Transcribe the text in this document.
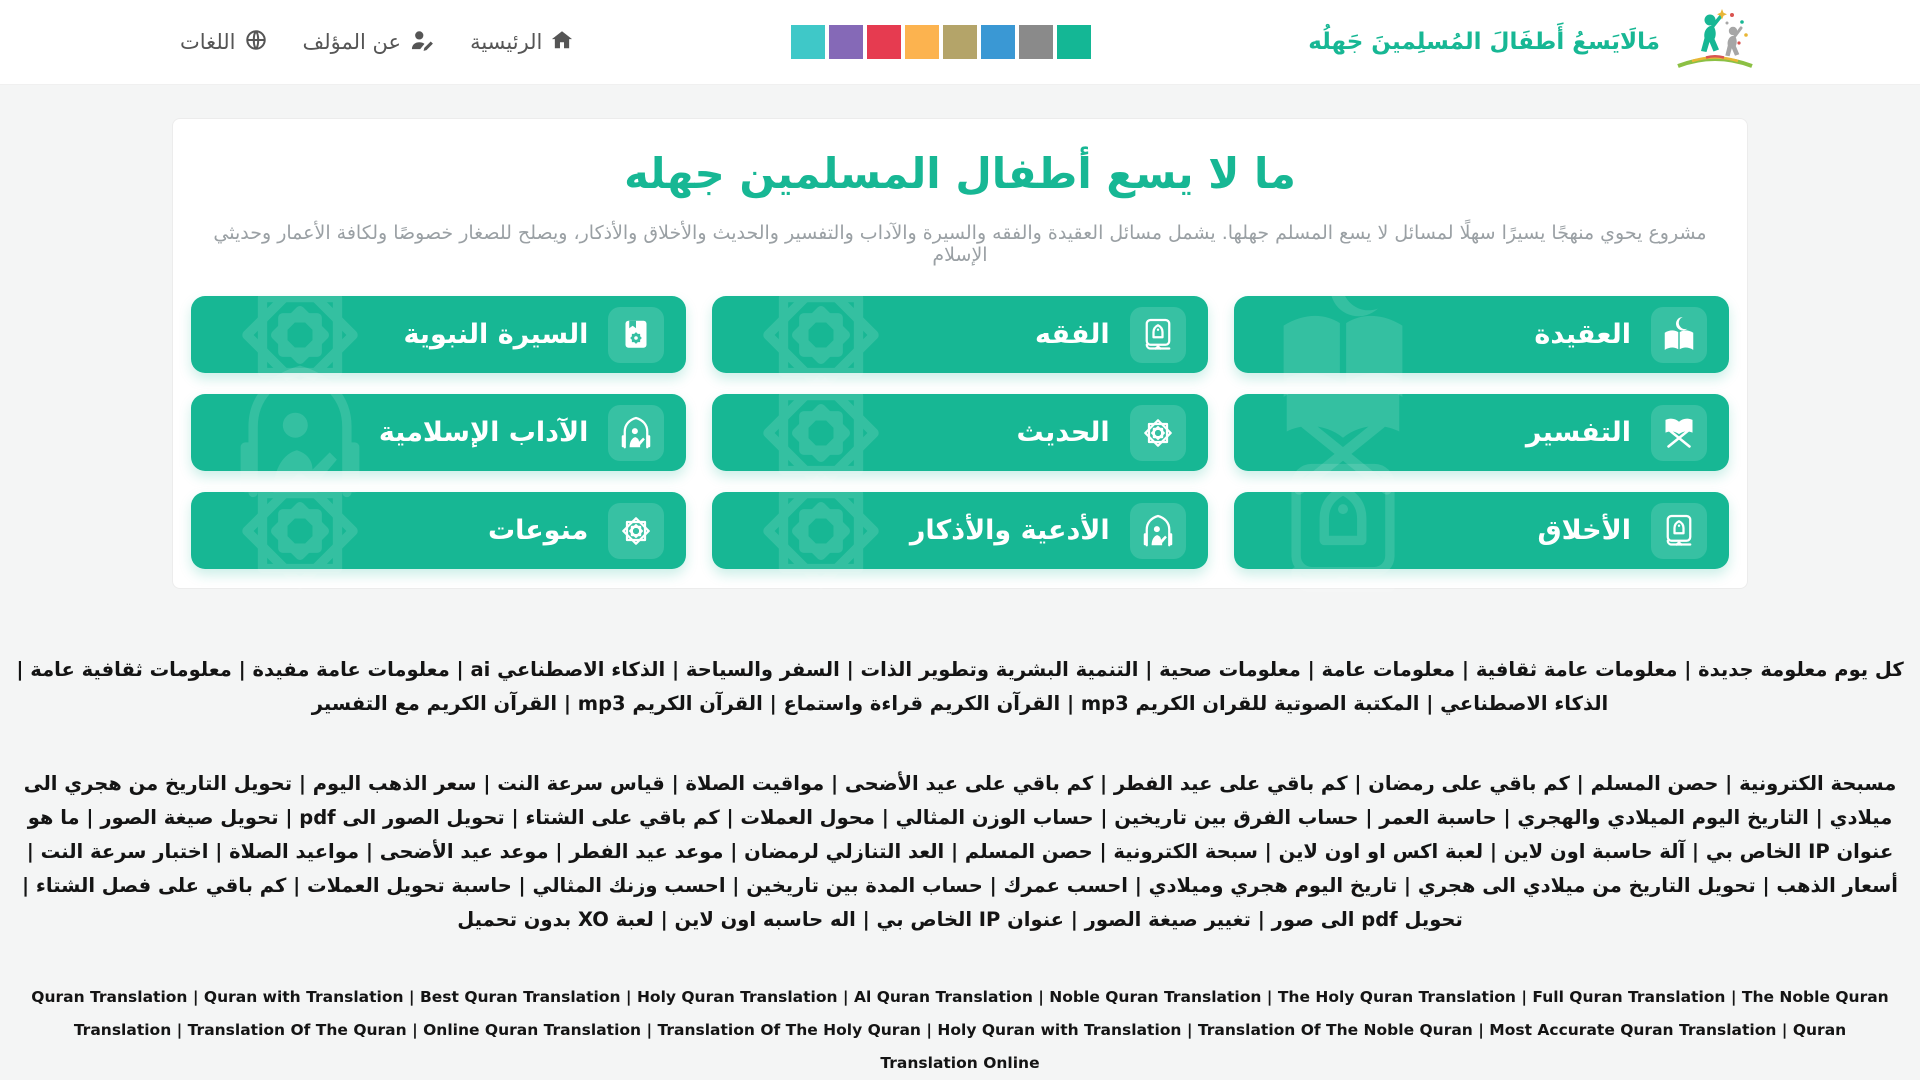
مَالَايَسعُ أَطفَالَ المُسلِمينَ جَهلُه
الرئيسية
عن المؤلف
اللغات
ما لا يسع أطفال المسلمين جهله
مشروع يحوي منهجًا يسيرًا سهلًا لمسائل لا يسع المسلم جهلها. يشمل مسائل العقيدة والفقه والسيرة والآداب والتفسير والحديث والأخلاق والأذكار، ويصلح للصغار خصوصًا ولكافة الأعمار وحديثي الإسلام
العقيدة
الفقه
السيرة النبوية
التفسير
الحديث
الآداب الإسلامية
الأخلاق
الأدعية والأذكار
منوعات
كل يوم معلومة جديدة | معلومات عامة ثقافية | معلومات عامة | معلومات صحية | التنمية البشرية وتطوير الذات | السفر والسياحة | الذكاء الاصطناعي ai | معلومات عامة مفيدة | معلومات ثقافية عامة | الذكاء الاصطناعي | المكتبة الصوتية للقران الكريم mp3 | القرآن الكريم قراءة واستماع | القرآن الكريم mp3 | القرآن الكريم مع التفسير
مسبحة الكترونية | حصن المسلم | كم باقي على رمضان | كم باقي على عيد الفطر | كم باقي على عيد الأضحى | مواقيت الصلاة | قياس سرعة النت | سعر الذهب اليوم | تحويل التاريخ من هجري الى ميلادي | التاريخ اليوم الميلادي والهجري | حاسبة العمر | حساب الفرق بين تاريخين | حساب الوزن المثالي | محول العملات | كم باقي على الشتاء | تحويل الصور الى pdf | تحويل صيغة الصور | ما هو عنوان IP الخاص بي | آلة حاسبة اون لاين | لعبة اكس او اون لاين | سبحة الكترونية | حصن المسلم | العد التنازلي لرمضان | موعد عيد الفطر | موعد عيد الأضحى | مواعيد الصلاة | اختبار سرعة النت | أسعار الذهب | تحويل التاريخ من ميلادي الى هجري | تاريخ اليوم هجري وميلادي | احسب عمرك | حساب المدة بين تاريخين | احسب وزنك المثالي | حاسبة تحويل العملات | كم باقي على فصل الشتاء | تحويل pdf الى صور | تغيير صيغة الصور | عنوان IP الخاص بي | اله حاسبه اون لاين | لعبة XO بدون تحميل
Quran Translation | Quran with Translation | Best Quran Translation | Holy Quran Translation | Al Quran Translation | Noble Quran Translation | The Holy Quran Translation | Full Quran Translation | The Noble Quran Translation | Translation Of The Quran | Online Quran Translation | Translation Of The Holy Quran | Holy Quran with Translation | Translation Of The Noble Quran | Most Accurate Quran Translation | Quran Translation Online
